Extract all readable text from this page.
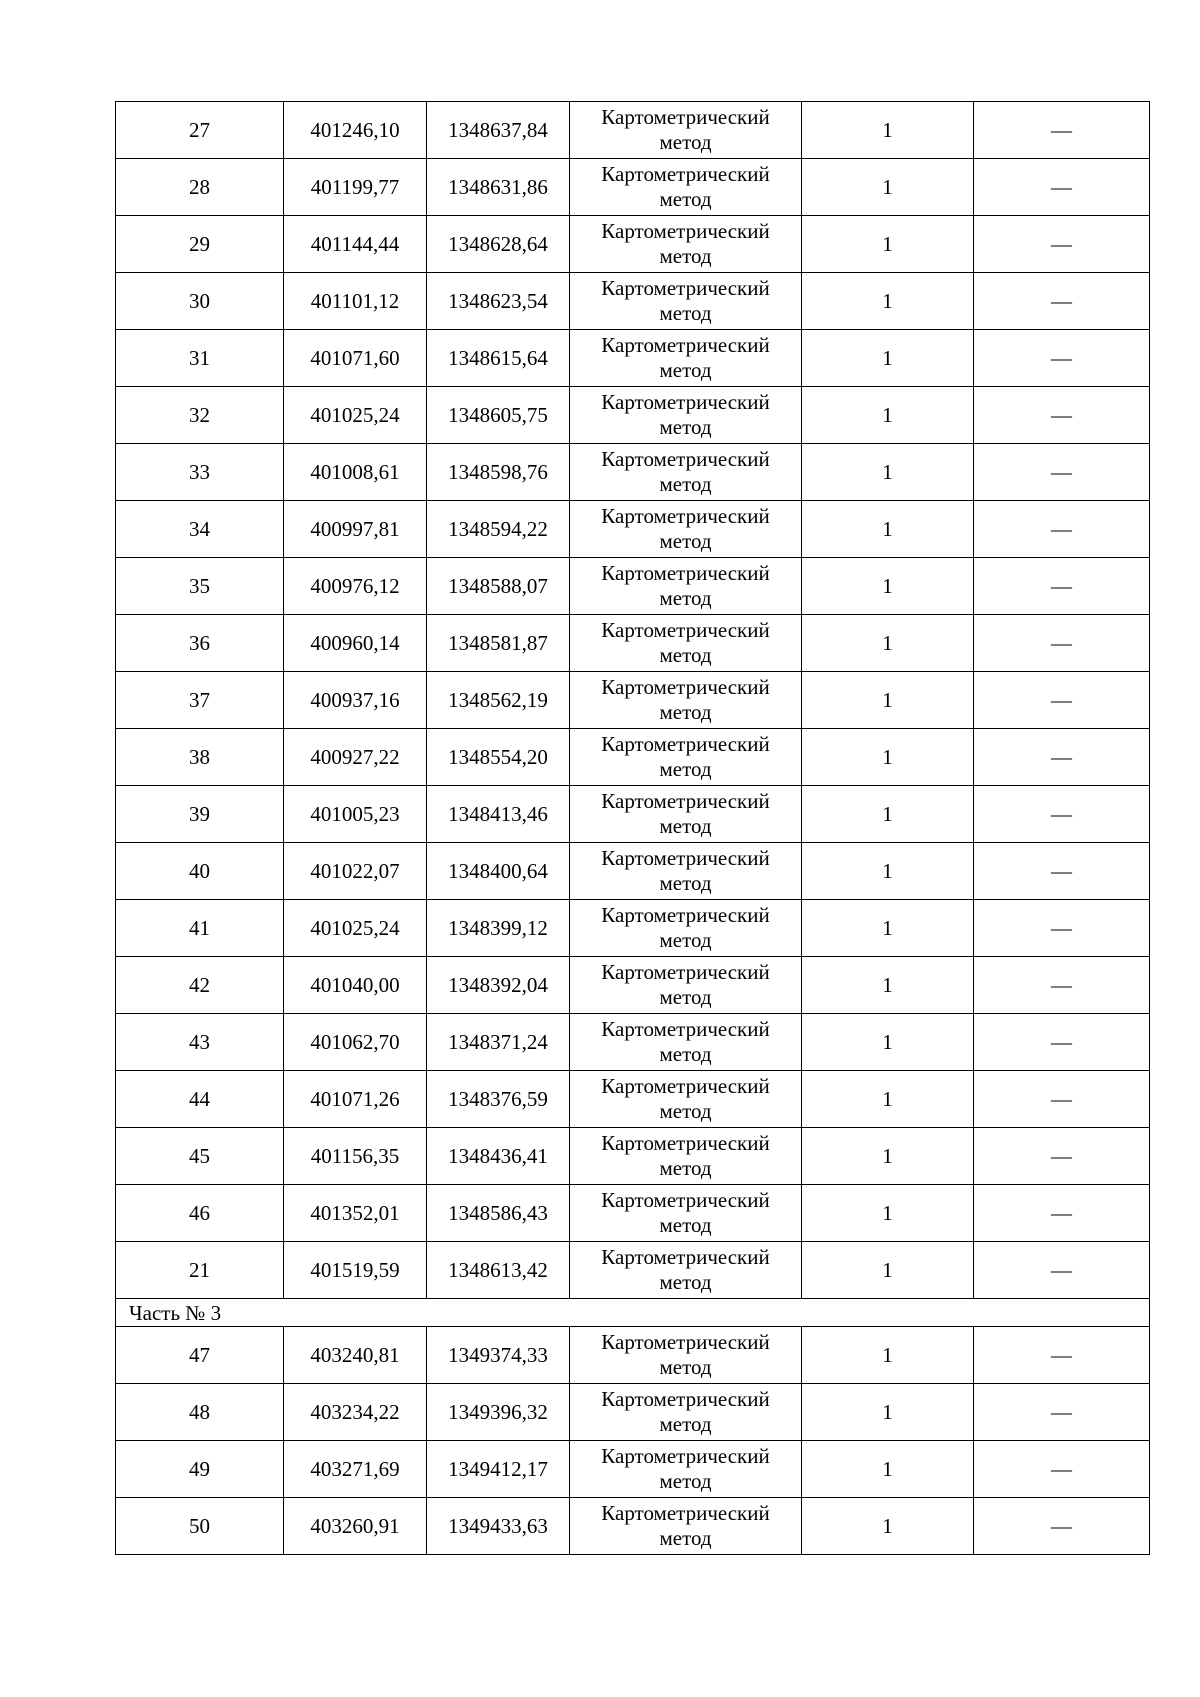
27	401246,10	1348637,84	Картометрический
метод	1	—
28	401199,77	1348631,86	Картометрический
метод	1	—
29	401144,44	1348628,64	Картометрический
метод	1	—
30	401101,12	1348623,54	Картометрический
метод	1	—
31	401071,60	1348615,64	Картометрический
метод	1	—
32	401025,24	1348605,75	Картометрический
метод	1	—
33	401008,61	1348598,76	Картометрический
метод	1	—
34	400997,81	1348594,22	Картометрический
метод	1	—
35	400976,12	1348588,07	Картометрический
метод	1	—
36	400960,14	1348581,87	Картометрический
метод	1	—
37	400937,16	1348562,19	Картометрический
метод	1	—
38	400927,22	1348554,20	Картометрический
метод	1	—
39	401005,23	1348413,46	Картометрический
метод	1	—
40	401022,07	1348400,64	Картометрический
метод	1	—
41	401025,24	1348399,12	Картометрический
метод	1	—
42	401040,00	1348392,04	Картометрический
метод	1	—
43	401062,70	1348371,24	Картометрический
метод	1	—
44	401071,26	1348376,59	Картометрический
метод	1	—
45	401156,35	1348436,41	Картометрический
метод	1	—
46	401352,01	1348586,43	Картометрический
метод	1	—
21	401519,59	1348613,42	Картометрический
метод	1	—
Часть № 3					
47	403240,81	1349374,33	Картометрический
метод	1	—
48	403234,22	1349396,32	Картометрический
метод	1	—
49	403271,69	1349412,17	Картометрический
метод	1	—
50	403260,91	1349433,63	Картометрический
метод	1	—
